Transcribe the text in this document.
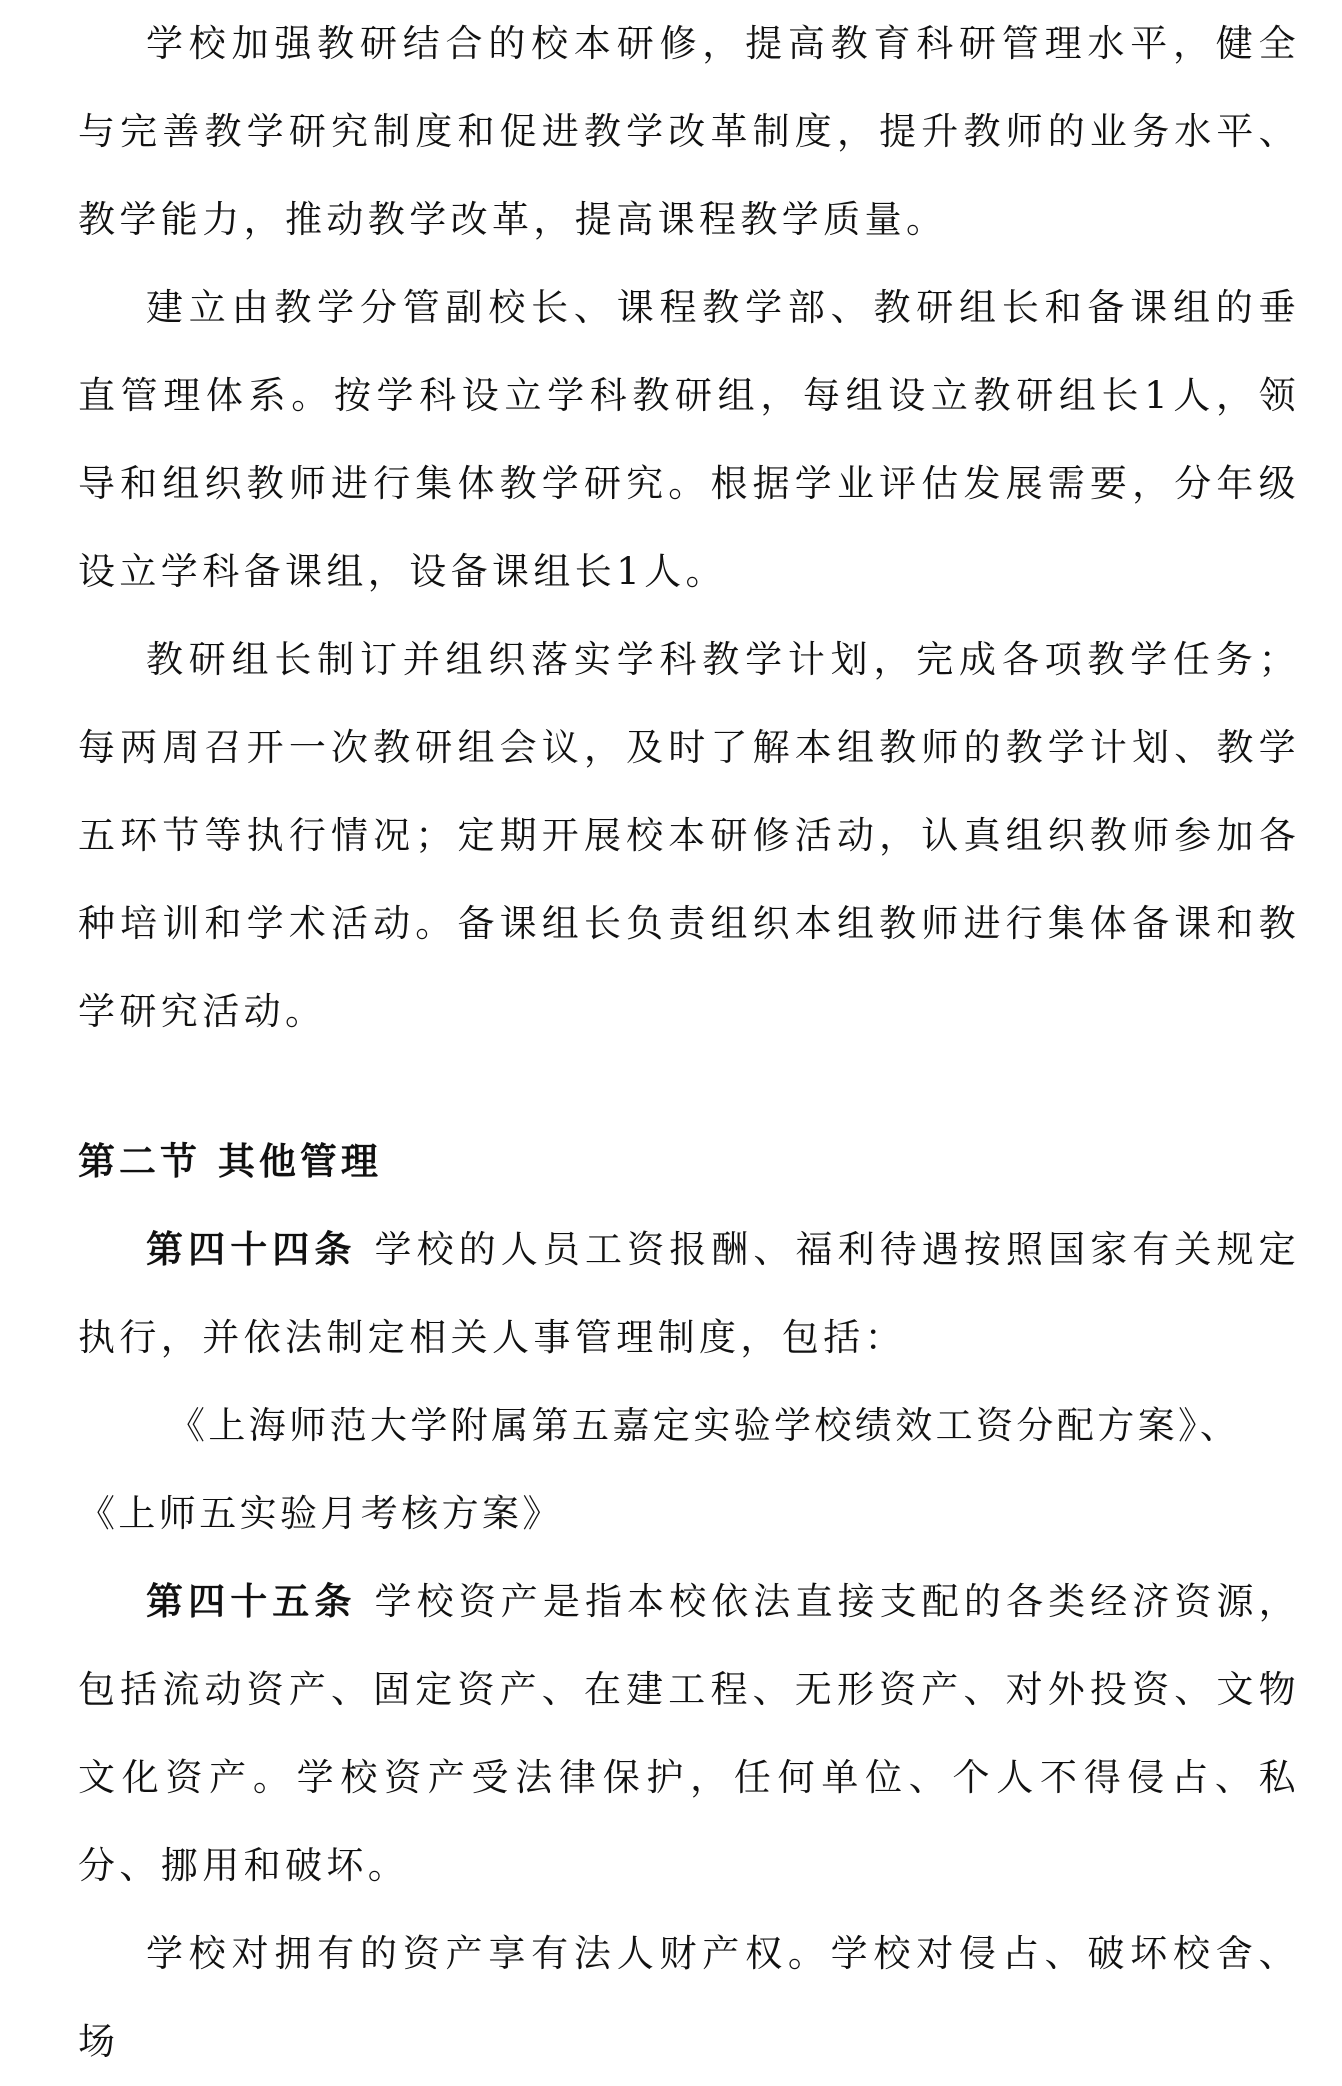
学校加强教研结合的校本研修，提高教育科研管理水平，健全与完善教学研究制度和促进教学改革制度，提升教师的业务水平、教学能力，推动教学改革，提高课程教学质量。

建立由教学分管副校长、课程教学部、教研组长和备课组的垂直管理体系。按学科设立学科教研组，每组设立教研组长1人，领导和组织教师进行集体教学研究。根据学业评估发展需要，分年级设立学科备课组，设备课组长1人。

教研组长制订并组织落实学科教学计划，完成各项教学任务；每两周召开一次教研组会议，及时了解本组教师的教学计划、教学五环节等执行情况；定期开展校本研修活动，认真组织教师参加各种培训和学术活动。备课组长负责组织本组教师进行集体备课和教学研究活动。

第二节 其他管理

第四十四条 学校的人员工资报酬、福利待遇按照国家有关规定执行，并依法制定相关人事管理制度，包括：

《上海师范大学附属第五嘉定实验学校绩效工资分配方案》、
《上师五实验月考核方案》

第四十五条 学校资产是指本校依法直接支配的各类经济资源，包括流动资产、固定资产、在建工程、无形资产、对外投资、文物文化资产。学校资产受法律保护，任何单位、个人不得侵占、私分、挪用和破坏。

学校对拥有的资产享有法人财产权。学校对侵占、破坏校舍、场
